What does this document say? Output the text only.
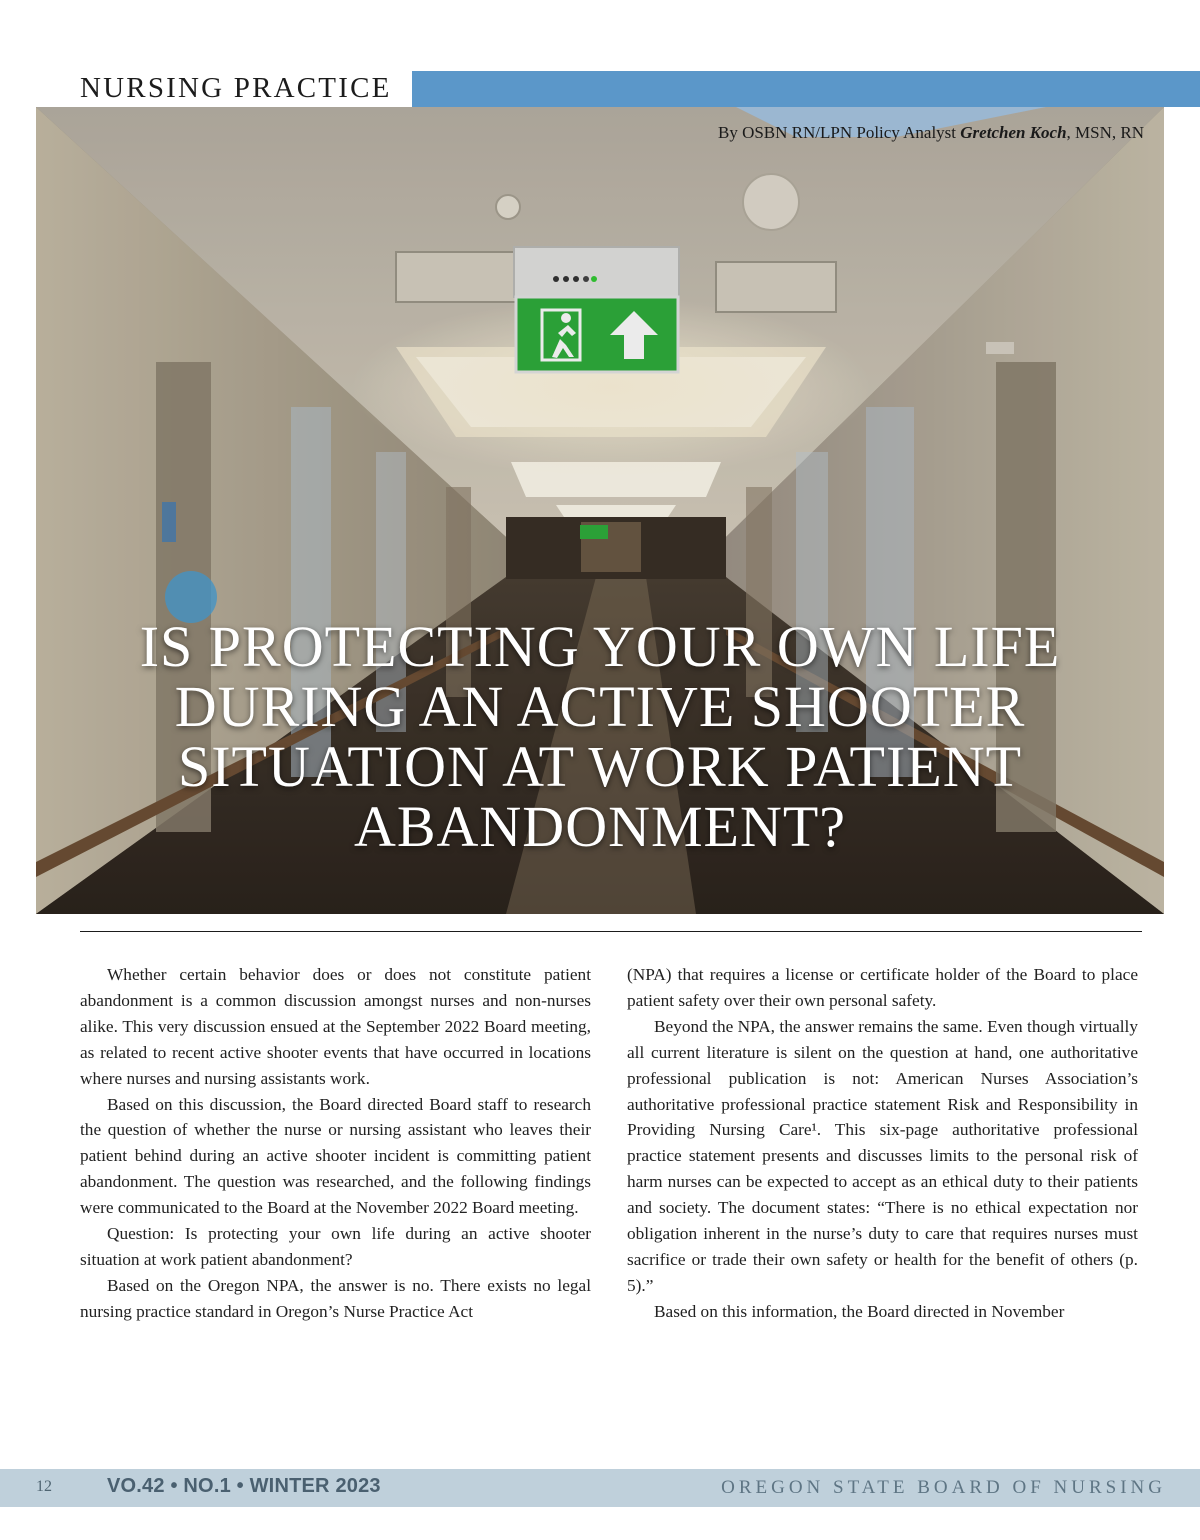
NURSING PRACTICE
By OSBN RN/LPN Policy Analyst Gretchen Koch, MSN, RN
IS PROTECTING YOUR OWN LIFE
DURING AN ACTIVE SHOOTER
SITUATION AT WORK PATIENT
ABANDONMENT?

Whether certain behavior does or does not constitute patient abandonment is a common discussion amongst nurses and non-nurses alike. This very discussion ensued at the September 2022 Board meeting, as related to recent active shooter events that have occurred in locations where nurses and nursing assistants work.

Based on this discussion, the Board directed Board staff to research the question of whether the nurse or nursing assistant who leaves their patient behind during an active shooter incident is committing patient abandonment. The question was researched, and the following findings were communicated to the Board at the November 2022 Board meeting.

Question: Is protecting your own life during an active shooter situation at work patient abandonment?

Based on the Oregon NPA, the answer is no. There exists no legal nursing practice standard in Oregon’s Nurse Practice Act

(NPA) that requires a license or certificate holder of the Board to place patient safety over their own personal safety.

Beyond the NPA, the answer remains the same. Even though virtually all current literature is silent on the question at hand, one authoritative professional publication is not: American Nurses Association’s authoritative professional practice statement Risk and Responsibility in Providing Nursing Care¹. This six-page authoritative professional practice statement presents and discusses limits to the personal risk of harm nurses can be expected to accept as an ethical duty to their patients and society. The document states: “There is no ethical expectation nor obligation inherent in the nurse’s duty to care that requires nurses must sacrifice or trade their own safety or health for the benefit of others (p. 5).”

Based on this information, the Board directed in November

12	VO.42 • NO.1 • WINTER 2023	OREGON STATE BOARD OF NURSING
